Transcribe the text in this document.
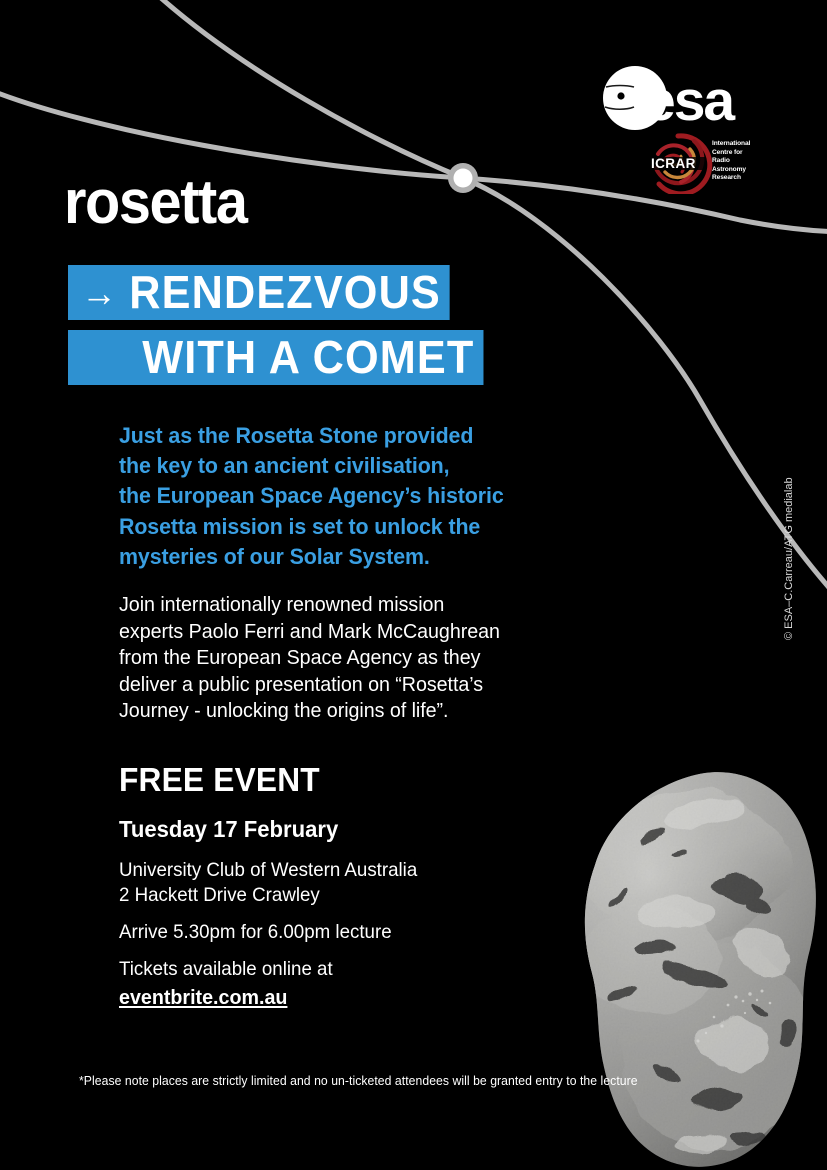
esa
ICRAR
International
Centre for
Radio
Astronomy
Research
rosetta
→ RENDEZVOUS
WITH A COMET
Just as the Rosetta Stone provided
the key to an ancient civilisation,
the European Space Agency’s historic
Rosetta mission is set to unlock the
mysteries of our Solar System.
Join internationally renowned mission
experts Paolo Ferri and Mark McCaughrean
from the European Space Agency as they
deliver a public presentation on “Rosetta’s
Journey - unlocking the origins of life”.
FREE EVENT
Tuesday 17 February
University Club of Western Australia
2 Hackett Drive Crawley
Arrive 5.30pm for 6.00pm lecture
Tickets available online at
eventbrite.com.au
*Please note places are strictly limited and no un-ticketed attendees will be granted entry to the lecture
© ESA–C.Carreau/ATG medialab
